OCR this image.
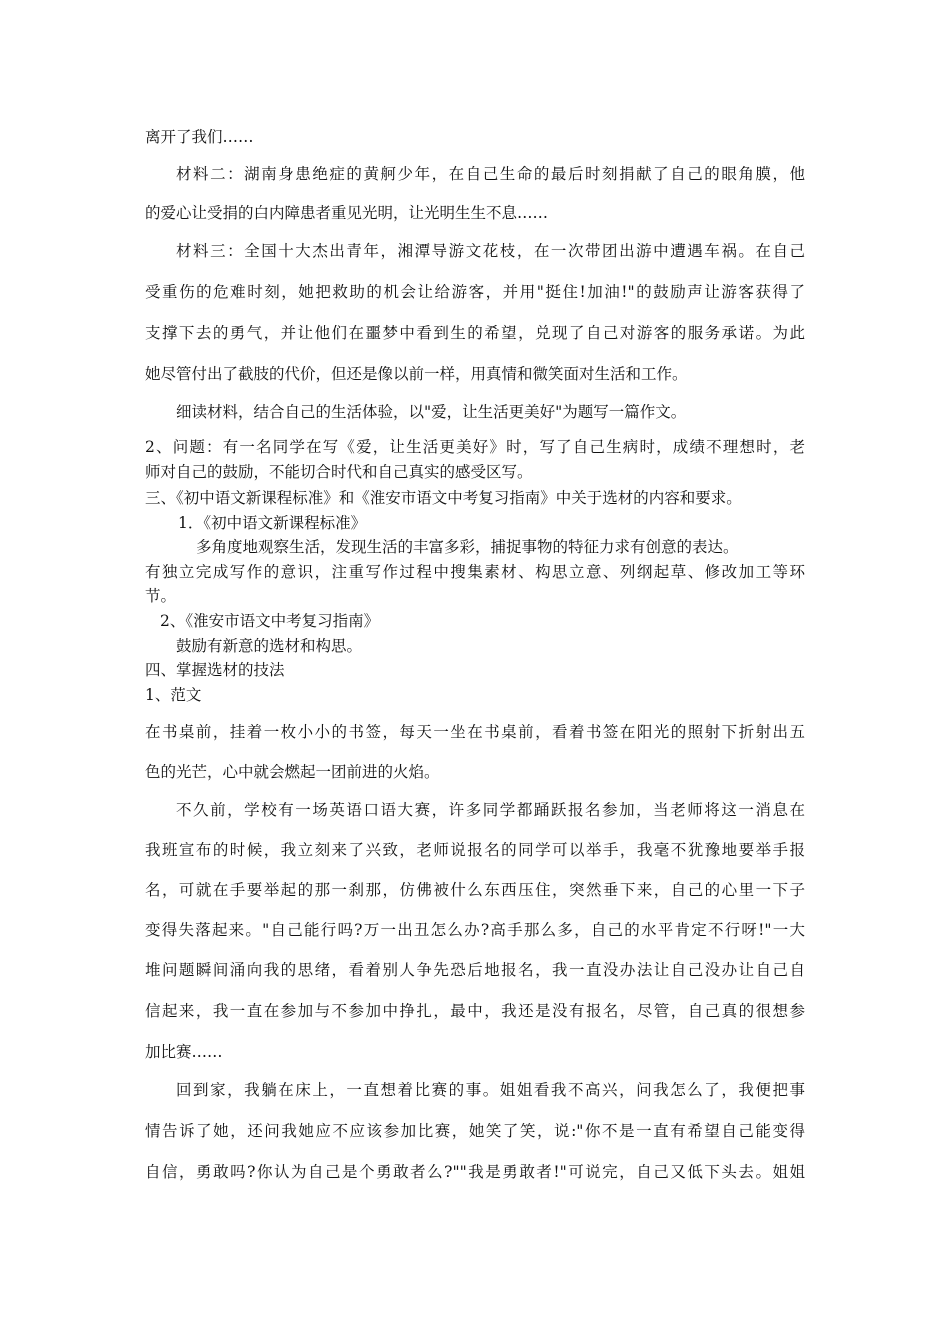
离开了我们……
材料二：湖南身患绝症的黄舸少年，在自己生命的最后时刻捐献了自己的眼角膜，他
的爱心让受捐的白内障患者重见光明，让光明生生不息……
材料三：全国十大杰出青年，湘潭导游文花枝，在一次带团出游中遭遇车祸。在自己
受重伤的危难时刻，她把救助的机会让给游客，并用"挺住!加油!"的鼓励声让游客获得了
支撑下去的勇气，并让他们在噩梦中看到生的希望，兑现了自己对游客的服务承诺。为此
她尽管付出了截肢的代价，但还是像以前一样，用真情和微笑面对生活和工作。
细读材料，结合自己的生活体验，以"爱，让生活更美好"为题写一篇作文。
2、问题：有一名同学在写《爱，让生活更美好》时，写了自己生病时，成绩不理想时，老
师对自己的鼓励，不能切合时代和自己真实的感受区写。
三、《初中语文新课程标准》和《淮安市语文中考复习指南》中关于选材的内容和要求。
1．《初中语文新课程标准》
多角度地观察生活，发现生活的丰富多彩，捕捉事物的特征力求有创意的表达。
有独立完成写作的意识，注重写作过程中搜集素材、构思立意、列纲起草、修改加工等环
节。
2、《淮安市语文中考复习指南》
鼓励有新意的选材和构思。
四、掌握选材的技法
1、范文
在书桌前，挂着一枚小小的书签，每天一坐在书桌前，看着书签在阳光的照射下折射出五
色的光芒，心中就会燃起一团前进的火焰。
不久前，学校有一场英语口语大赛，许多同学都踊跃报名参加，当老师将这一消息在
我班宣布的时候，我立刻来了兴致，老师说报名的同学可以举手，我毫不犹豫地要举手报
名，可就在手要举起的那一刹那，仿佛被什么东西压住，突然垂下来，自己的心里一下子
变得失落起来。"自己能行吗?万一出丑怎么办?高手那么多，自己的水平肯定不行呀!"一大
堆问题瞬间涌向我的思绪，看着别人争先恐后地报名，我一直没办法让自己没办让自己自
信起来，我一直在参加与不参加中挣扎，最中，我还是没有报名，尽管，自己真的很想参
加比赛……
回到家，我躺在床上，一直想着比赛的事。姐姐看我不高兴，问我怎么了，我便把事
情告诉了她，还问我她应不应该参加比赛，她笑了笑，说:"你不是一直有希望自己能变得
自信，勇敢吗?你认为自己是个勇敢者么?""我是勇敢者!"可说完，自己又低下头去。姐姐
